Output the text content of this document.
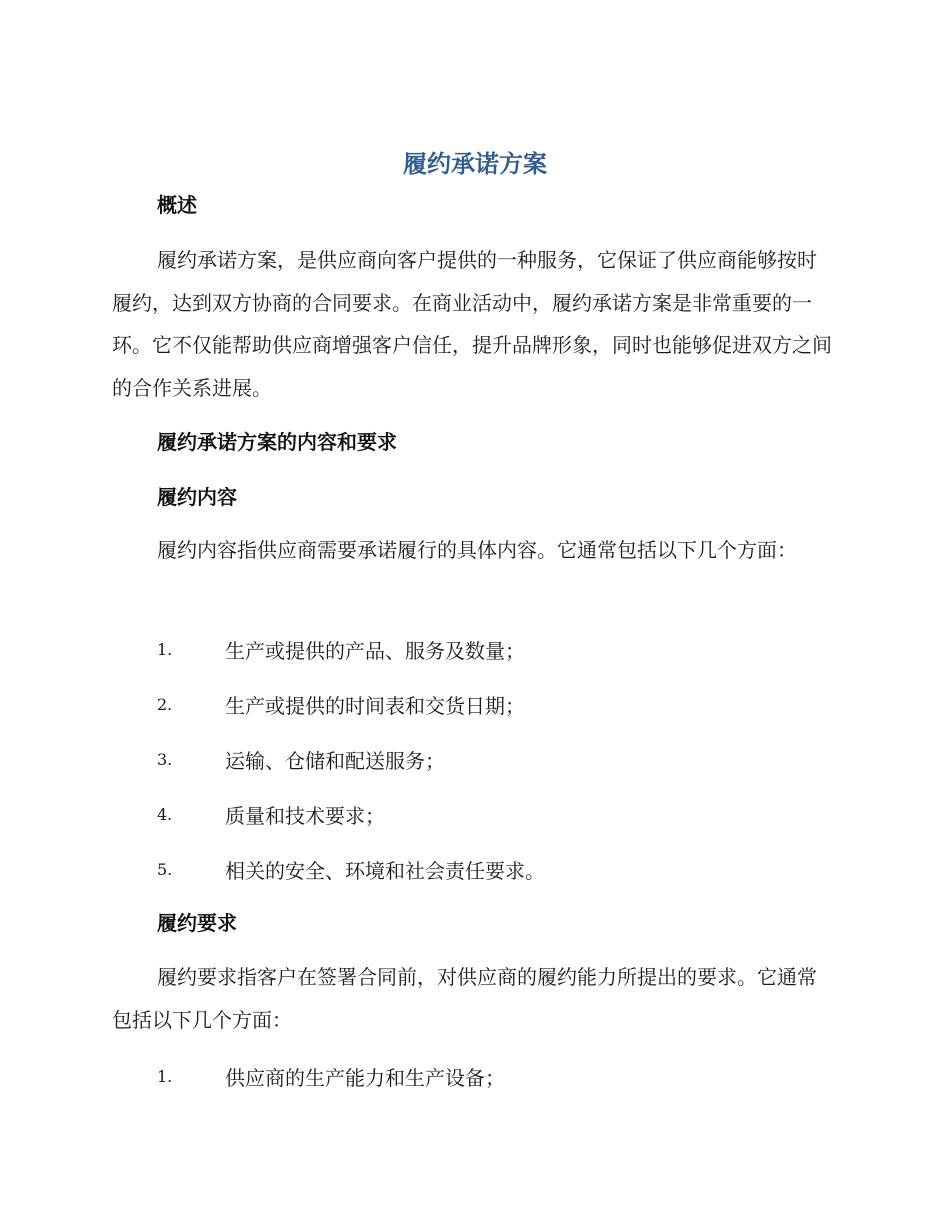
履约承诺方案
概述

履约承诺方案，是供应商向客户提供的一种服务，它保证了供应商能够按时履约，达到双方协商的合同要求。在商业活动中，履约承诺方案是非常重要的一环。它不仅能帮助供应商增强客户信任，提升品牌形象，同时也能够促进双方之间的合作关系进展。

履约承诺方案的内容和要求
履约内容

履约内容指供应商需要承诺履行的具体内容。它通常包括以下几个方面：

1.	生产或提供的产品、服务及数量；
2.	生产或提供的时间表和交货日期；
3.	运输、仓储和配送服务；
4.	质量和技术要求；
5.	相关的安全、环境和社会责任要求。
履约要求

履约要求指客户在签署合同前，对供应商的履约能力所提出的要求。它通常包括以下几个方面：

1.	供应商的生产能力和生产设备；
